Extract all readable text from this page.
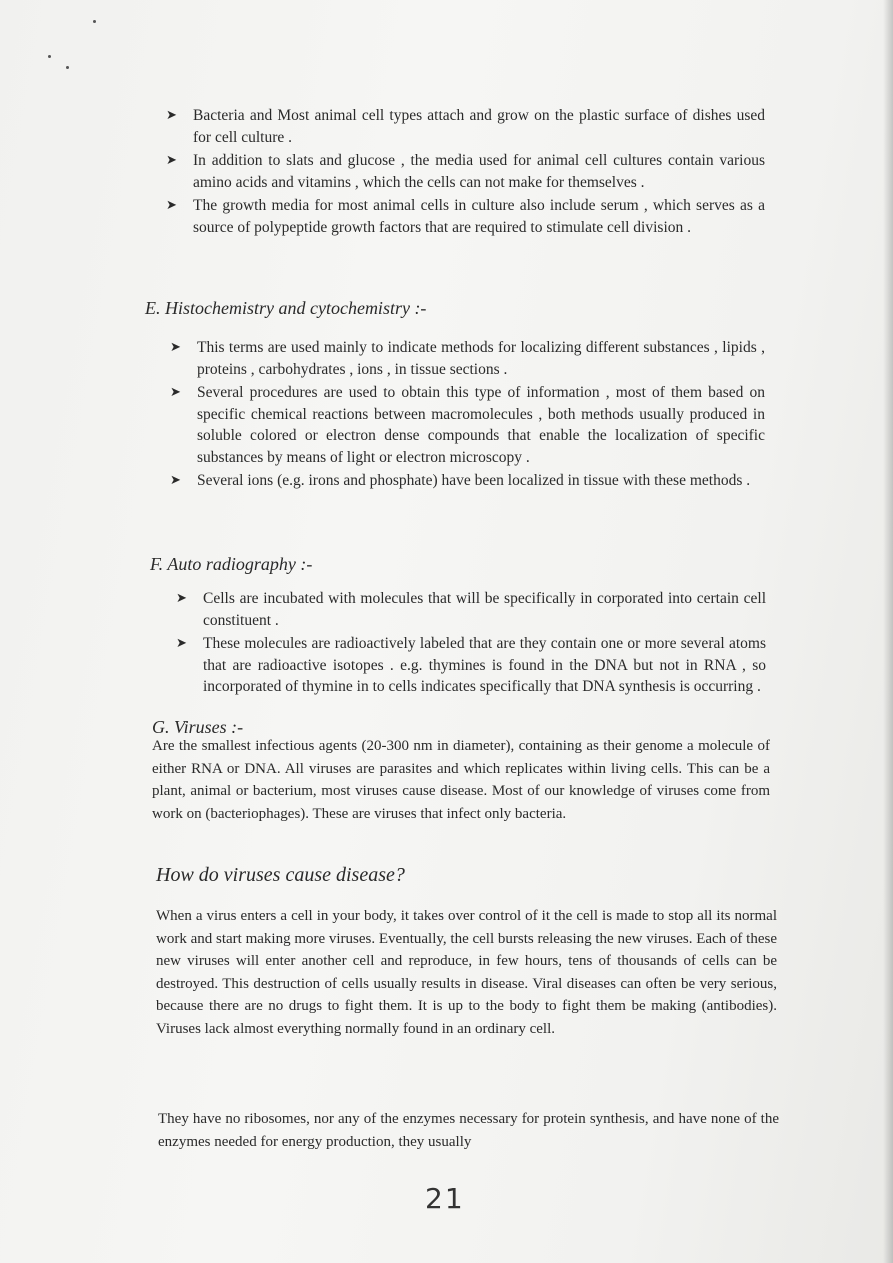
➤ Bacteria and Most animal cell types attach and grow on the plastic surface of dishes used for cell culture .
➤ In addition to slats and glucose , the media used for animal cell cultures contain various amino acids and vitamins , which the cells can not make for themselves .
➤ The growth media for most animal cells in culture also include serum , which serves as a source of polypeptide growth factors that are required to stimulate cell division .
E. Histochemistry and cytochemistry :-
➤ This terms are used mainly to indicate methods for localizing different substances , lipids , proteins , carbohydrates , ions , in tissue sections .
➤ Several procedures are used to obtain this type of information , most of them based on specific chemical reactions between macromolecules , both methods usually produced in soluble colored or electron dense compounds that enable the localization of specific substances by means of light or electron microscopy .
➤ Several ions (e.g. irons and phosphate) have been localized in tissue with these methods .
F. Auto radiography :-
➤ Cells are incubated with molecules that will be specifically in corporated into certain cell constituent .
➤ These molecules are radioactively labeled that are they contain one or more several atoms that are radioactive isotopes . e.g. thymines is found in the DNA but not in RNA , so incorporated of thymine in to cells indicates specifically that DNA synthesis is occurring .
G. Viruses :-

Are the smallest infectious agents (20-300 nm in diameter), containing as their genome a molecule of either RNA or DNA. All viruses are parasites and which replicates within living cells. This can be a plant, animal or bacterium, most viruses cause disease. Most of our knowledge of viruses come from work on (bacteriophages). These are viruses that infect only bacteria.

How do viruses cause disease?

When a virus enters a cell in your body, it takes over control of it the cell is made to stop all its normal work and start making more viruses. Eventually, the cell bursts releasing the new viruses. Each of these new viruses will enter another cell and reproduce, in few hours, tens of thousands of cells can be destroyed. This destruction of cells usually results in disease. Viral diseases can often be very serious, because there are no drugs to fight them. It is up to the body to fight them be making (antibodies). Viruses lack almost everything normally found in an ordinary cell.

They have no ribosomes, nor any of the enzymes necessary for protein synthesis, and have none of the enzymes needed for energy production, they usually

21
